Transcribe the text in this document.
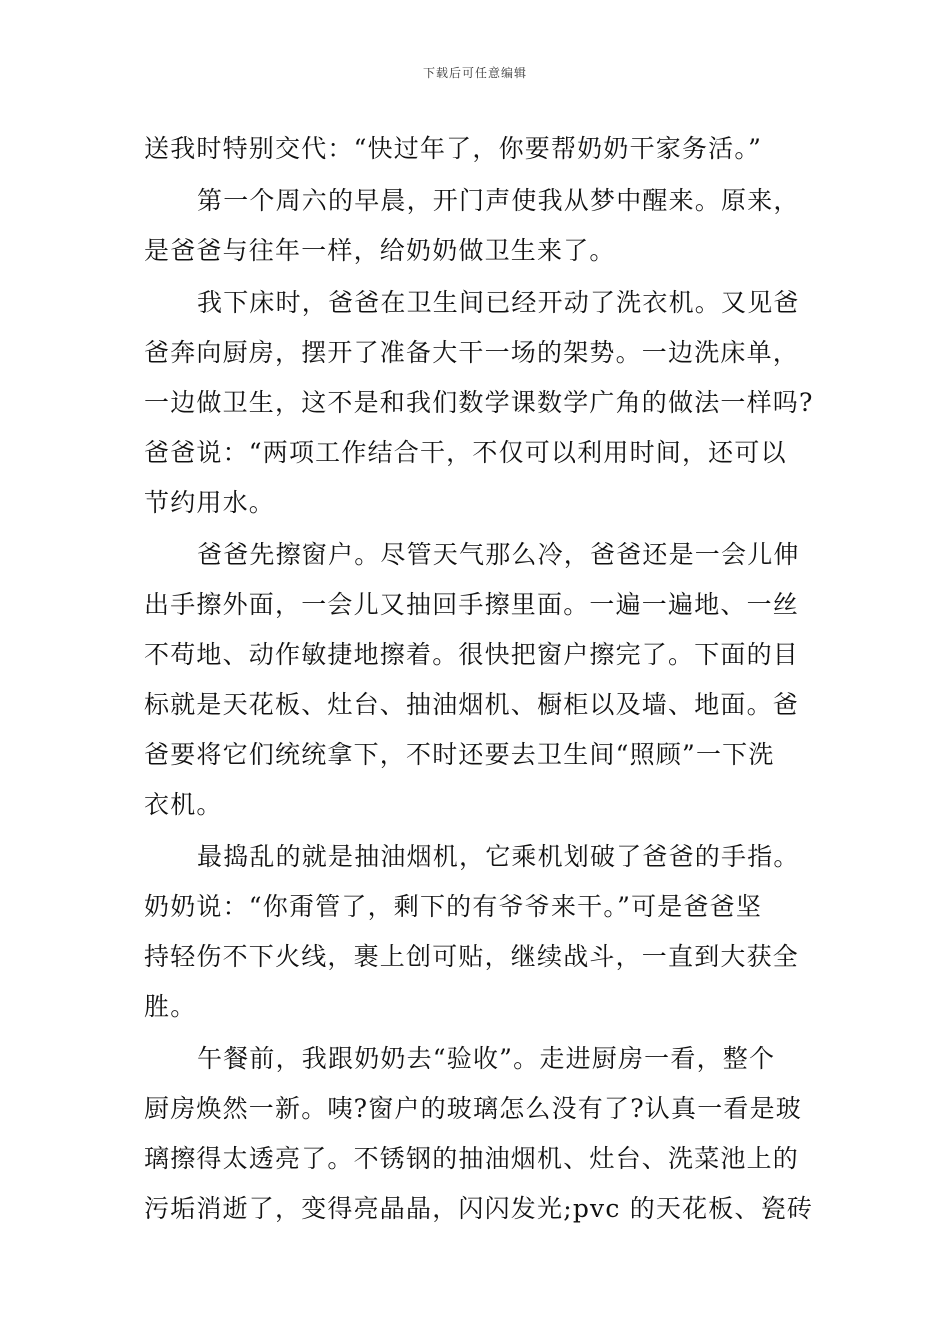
下载后可任意编辑
送我时特别交代：“快过年了，你要帮奶奶干家务活。”
第一个周六的早晨，开门声使我从梦中醒来。原来，
是爸爸与往年一样，给奶奶做卫生来了。
我下床时，爸爸在卫生间已经开动了洗衣机。又见爸
爸奔向厨房，摆开了准备大干一场的架势。一边洗床单，
一边做卫生，这不是和我们数学课数学广角的做法一样吗?
爸爸说：“两项工作结合干，不仅可以利用时间，还可以
节约用水。
爸爸先擦窗户。尽管天气那么冷，爸爸还是一会儿伸
出手擦外面，一会儿又抽回手擦里面。一遍一遍地、一丝
不苟地、动作敏捷地擦着。很快把窗户擦完了。下面的目
标就是天花板、灶台、抽油烟机、橱柜以及墙、地面。爸
爸要将它们统统拿下，不时还要去卫生间“照顾”一下洗
衣机。
最捣乱的就是抽油烟机，它乘机划破了爸爸的手指。
奶奶说：“你甭管了，剩下的有爷爷来干。”可是爸爸坚
持轻伤不下火线，裹上创可贴，继续战斗，一直到大获全
胜。
午餐前，我跟奶奶去“验收”。走进厨房一看，整个
厨房焕然一新。咦?窗户的玻璃怎么没有了?认真一看是玻
璃擦得太透亮了。不锈钢的抽油烟机、灶台、洗菜池上的
污垢消逝了，变得亮晶晶，闪闪发光;pvc 的天花板、瓷砖
